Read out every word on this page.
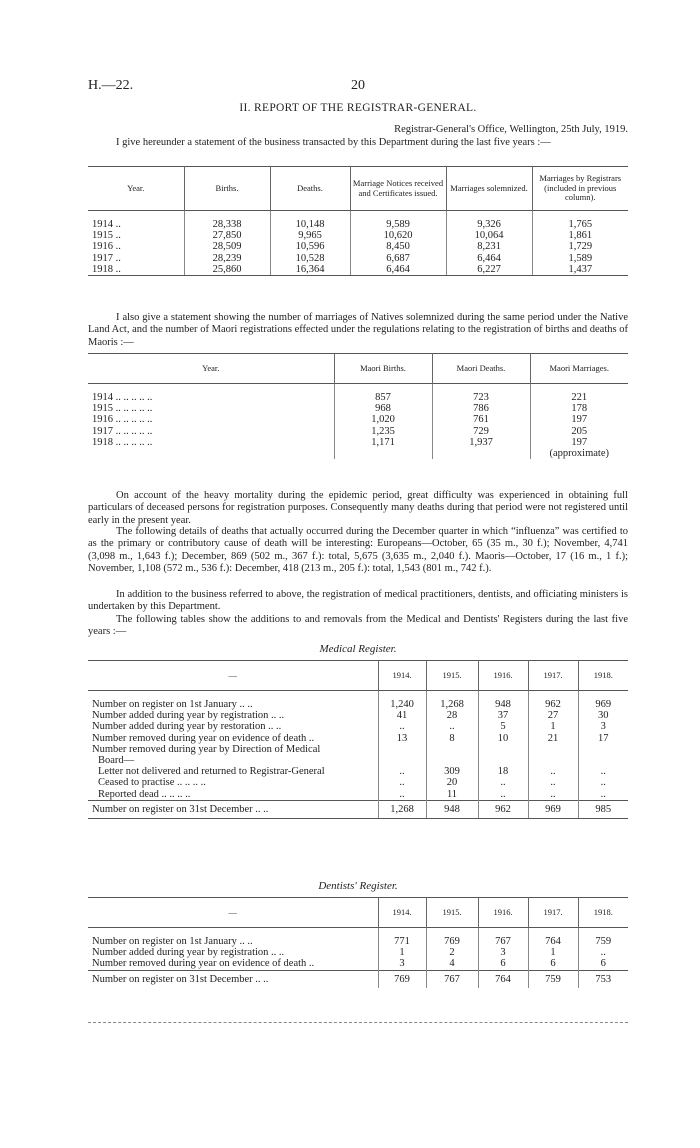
H.—22.	20
II. REPORT OF THE REGISTRAR-GENERAL.
Registrar-General's Office, Wellington, 25th July, 1919.
I give hereunder a statement of the business transacted by this Department during the last five years :—
Year.	Births.	Deaths.	Marriage Notices received and Certificates issued.	Marriages solemnized.	Marriages by Registrars (included in previous column).

1914 ..	28,338	10,148	9,589	9,326	1,765
1915 ..	27,850	9,965	10,620	10,064	1,861
1916 ..	28,509	10,596	8,450	8,231	1,729
1917 ..	28,239	10,528	6,687	6,464	1,589
1918 ..	25,860	16,364	6,464	6,227	1,437
I also give a statement showing the number of marriages of Natives solemnized during the same period under the Native Land Act, and the number of Maori registrations effected under the regulations relating to the registration of births and deaths of Maoris :—
Year.	Maori Births.	Maori Deaths.	Maori Marriages.

1914 .. .. .. .. ..	857	723	221
1915 .. .. .. .. ..	968	786	178
1916 .. .. .. .. ..	1,020	761	197
1917 .. .. .. .. ..	1,235	729	205
1918 .. .. .. .. ..	1,171	1,937	197
			(approximate)
On account of the heavy mortality during the epidemic period, great difficulty was experienced in obtaining full particulars of deceased persons for registration purposes. Consequently many deaths during that period were not registered until early in the present year.
The following details of deaths that actually occurred during the December quarter in which “influenza” was certified to as the primary or contributory cause of death will be interesting: Europeans—October, 65 (35 m., 30 f.); November, 4,741 (3,098 m., 1,643 f.); December, 869 (502 m., 367 f.): total, 5,675 (3,635 m., 2,040 f.). Maoris—October, 17 (16 m., 1 f.); November, 1,108 (572 m., 536 f.): December, 418 (213 m., 205 f.): total, 1,543 (801 m., 742 f.).
In addition to the business referred to above, the registration of medical practitioners, dentists, and officiating ministers is undertaken by this Department.
The following tables show the additions to and removals from the Medical and Dentists' Registers during the last five years :—
Medical Register.
—	1914.	1915.	1916.	1917.	1918.

Number on register on 1st January .. ..	1,240	1,268	948	962	969
Number added during year by registration .. ..	41	28	37	27	30
Number added during year by restoration .. ..	..	..	5	1	3
Number removed during year on evidence of death ..	13	8	10	21	17
Number removed during year by Direction of Medical					
Board—					
Letter not delivered and returned to Registrar-General	..	309	18	..	..
Ceased to practise .. .. .. ..	..	20	..	..	..
Reported dead .. .. .. ..	..	11	..	..	..
Number on register on 31st December .. ..	1,268	948	962	969	985
Dentists' Register.
—	1914.	1915.	1916.	1917.	1918.

Number on register on 1st January .. ..	771	769	767	764	759
Number added during year by registration .. ..	1	2	3	1	..
Number removed during year on evidence of death ..	3	4	6	6	6
Number on register on 31st December .. ..	769	767	764	759	753
